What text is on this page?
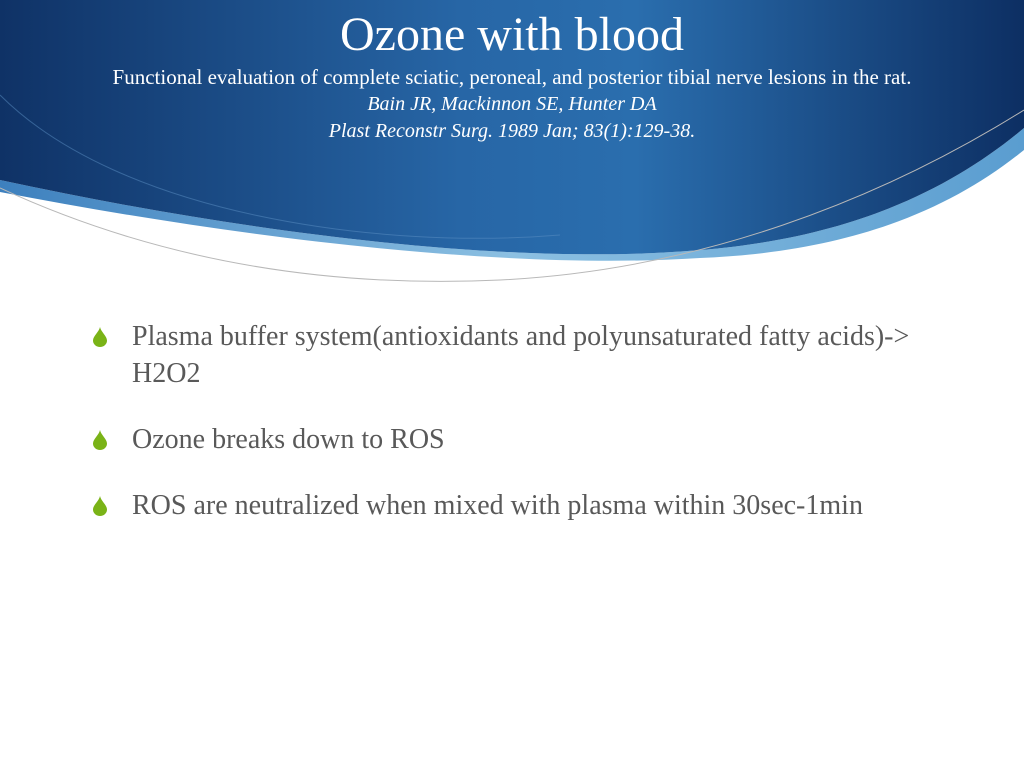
Ozone with blood

Functional evaluation of complete sciatic, peroneal, and posterior tibial nerve lesions in the rat.

Bain JR, Mackinnon SE, Hunter DA

Plast Reconstr Surg. 1989 Jan; 83(1):129-38.

Plasma buffer system(antioxidants and polyunsaturated fatty acids)-> H2O2
Ozone breaks down to ROS
ROS are neutralized when mixed with plasma within 30sec-1min
